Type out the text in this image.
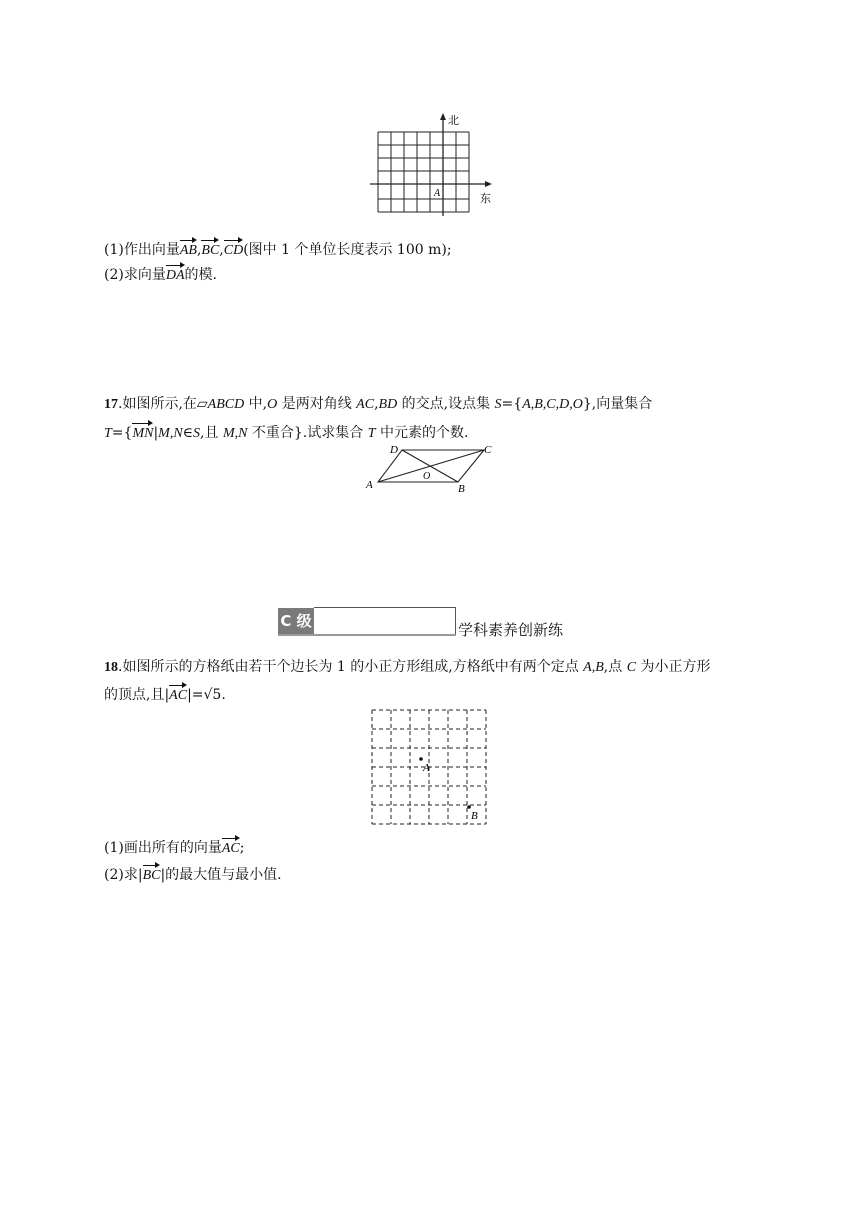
北
东
A
(1)作出向量AB,BC,CD(图中 1 个单位长度表示 100 m);
(2)求向量DA的模.
17.如图所示,在▱ABCD 中,O 是两对角线 AC,BD 的交点,设点集 S={A,B,C,D,O},向量集合
T={MN|M,N∈S,且 M,N 不重合}.试求集合 T 中元素的个数.
A	B
C
D
O
C 级	学科素养创新练
18.如图所示的方格纸由若干个边长为 1 的小正方形组成,方格纸中有两个定点 A,B,点 C 为小正方形
的顶点,且|AC|=√5.
A
B
(1)画出所有的向量AC;
(2)求|BC|的最大值与最小值.
